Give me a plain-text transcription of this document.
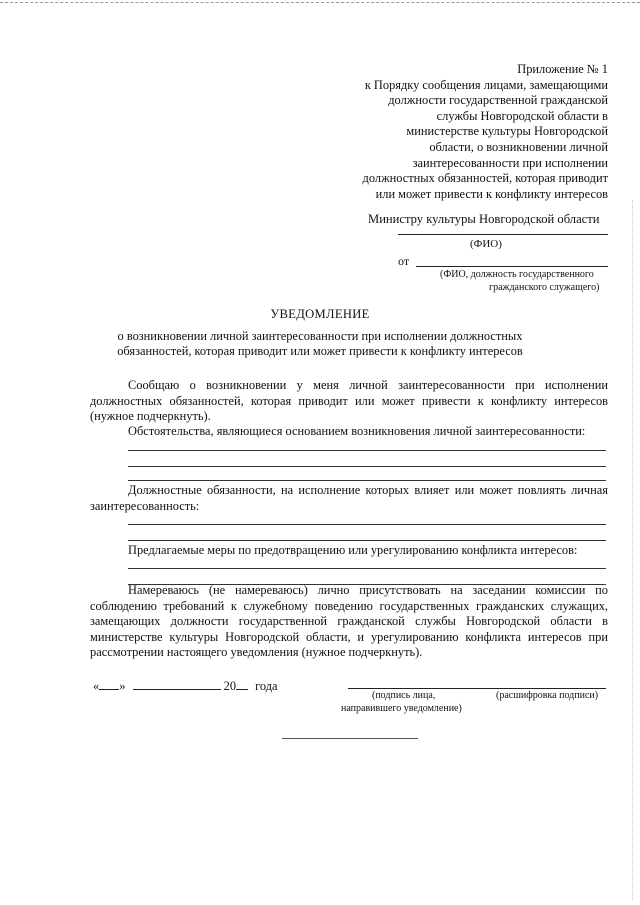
Приложение № 1
к Порядку сообщения лицами, замещающими
должности государственной гражданской
службы Новгородской области в
министерстве культуры Новгородской
области, о возникновении личной
заинтересованности при исполнении
должностных обязанностей, которая приводит
или может привести к конфликту интересов
Министру культуры Новгородской области
(ФИО)
от
(ФИО, должность государственного
гражданского служащего)
УВЕДОМЛЕНИЕ
о возникновении личной заинтересованности при исполнении должностных
обязанностей, которая приводит или может привести к конфликту интересов
Сообщаю о возникновении у меня личной заинтересованности при исполнении должностных обязанностей, которая приводит или может привести к конфликту интересов (нужное подчеркнуть).
Обстоятельства, являющиеся основанием возникновения личной заинтересованности:
Должностные обязанности, на исполнение которых влияет или может повлиять личная заинтересованность:
Предлагаемые меры по предотвращению или урегулированию конфликта интересов:
Намереваюсь (не намереваюсь) лично присутствовать на заседании комиссии по соблюдению требований к служебному поведению государственных гражданских служащих, замещающих должности государственной гражданской службы Новгородской области в министерстве культуры Новгородской области, и урегулированию конфликта интересов при рассмотрении настоящего уведомления (нужное подчеркнуть).
« »	20 года
(подпись лица,
направившего уведомление)
(расшифровка подписи)
